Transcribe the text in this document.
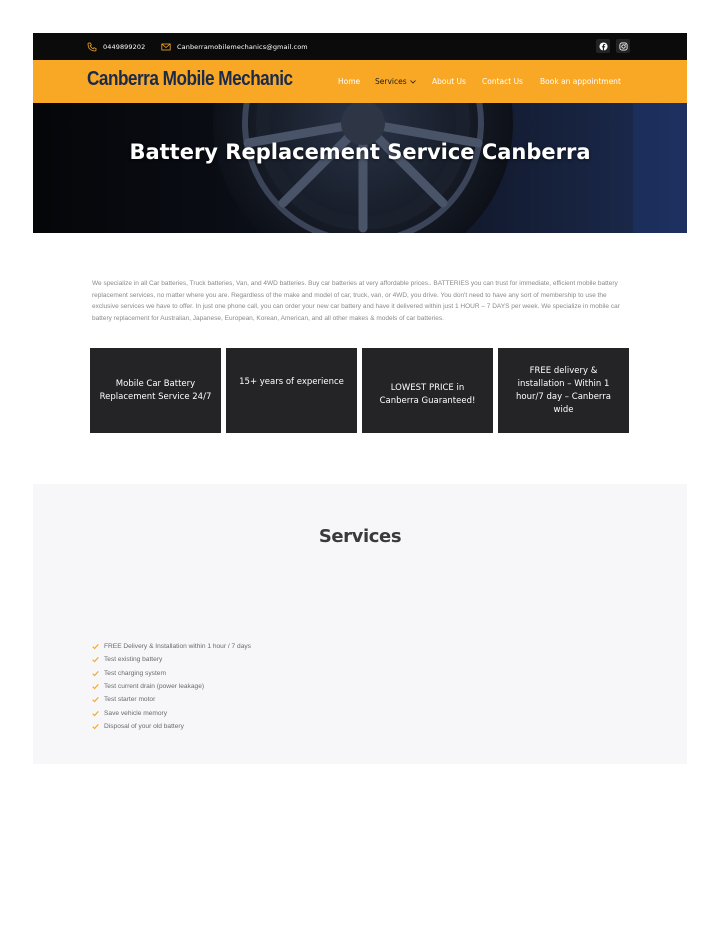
0449899202	Canberramobilemechanics@gmail.com
Canberra Mobile Mechanic	Home Services	About Us Contact Us Book an appointment
Battery Replacement Service Canberra
We specialize in all Car batteries, Truck batteries, Van, and 4WD batteries. Buy car batteries at very affordable prices.. BATTERIES you can trust for immediate, efficient mobile battery replacement services, no matter where you are. Regardless of the make and model of car, truck, van, or 4WD, you drive. You don't need to have any sort of membership to use the exclusive services we have to offer. In just one phone call, you can order your new car battery and have it delivered within just 1 HOUR – 7 DAYS per week. We specialize in mobile car battery replacement for Australian, Japanese, European, Korean, American, and all other makes & models of car batteries.
Mobile Car Battery Replacement Service 24/7
15+ years of experience
LOWEST PRICE in Canberra Guaranteed!
FREE delivery & installation – Within 1 hour/7 day – Canberra wide
Services
FREE Delivery & Installation within 1 hour / 7 days
Test existing battery
Test charging system
Test current drain (power leakage)
Test starter motor
Save vehicle memory
Disposal of your old battery
